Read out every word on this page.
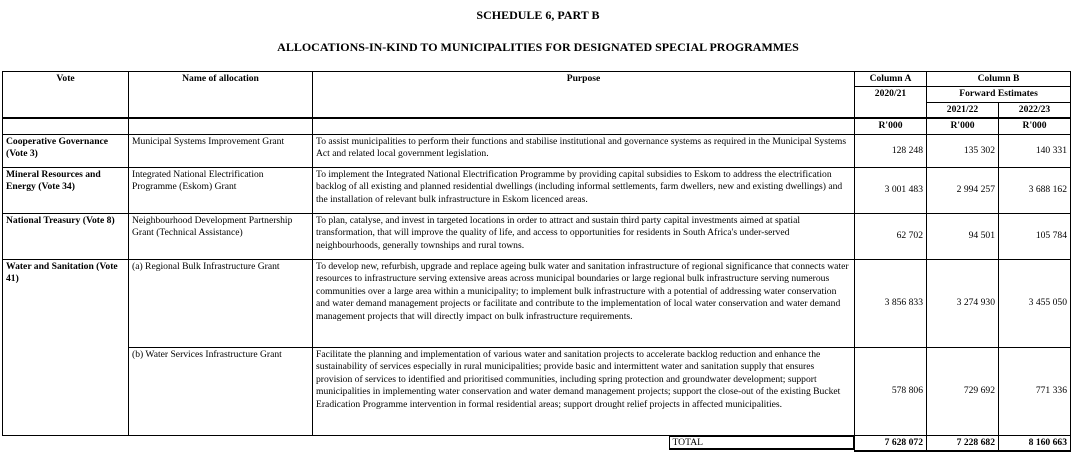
SCHEDULE 6, PART B
ALLOCATIONS-IN-KIND TO MUNICIPALITIES FOR DESIGNATED SPECIAL PROGRAMMES
Vote	Name of allocation	Purpose	Column A	Column B	
			2020/21	Forward Estimates	
				2021/22	2022/23
			R'000	R'000	R'000
Cooperative Governance (Vote 3)	Municipal Systems Improvement Grant	To assist municipalities to perform their functions and stabilise institutional and governance systems as required in the Municipal Systems Act and related local government legislation.	128 248	135 302	140 331
Mineral Resources and Energy (Vote 34)	Integrated National Electrification Programme (Eskom) Grant	To implement the Integrated National Electrification Programme by providing capital subsidies to Eskom to address the electrification backlog of all existing and planned residential dwellings (including informal settlements, farm dwellers, new and existing dwellings) and the installation of relevant bulk infrastructure in Eskom licenced areas.	3 001 483	2 994 257	3 688 162
National Treasury (Vote 8)	Neighbourhood Development Partnership Grant (Technical Assistance)	To plan, catalyse, and invest in targeted locations in order to attract and sustain third party capital investments aimed at spatial transformation, that will improve the quality of life, and access to opportunities for residents in South Africa's under-served neighbourhoods, generally townships and rural towns.	62 702	94 501	105 784
Water and Sanitation (Vote 41)	(a) Regional Bulk Infrastructure Grant	To develop new, refurbish, upgrade and replace ageing bulk water and sanitation infrastructure of regional significance that connects water resources to infrastructure serving extensive areas across municipal boundaries or large regional bulk infrastructure serving numerous communities over a large area within a municipality; to implement bulk infrastructure with a potential of addressing water conservation and water demand management projects or facilitate and contribute to the implementation of local water conservation and water demand management projects that will directly impact on bulk infrastructure requirements.	3 856 833	3 274 930	3 455 050
	(b) Water Services Infrastructure Grant	Facilitate the planning and implementation of various water and sanitation projects to accelerate backlog reduction and enhance the sustainability of services especially in rural municipalities; provide basic and intermittent water and sanitation supply that ensures provision of services to identified and prioritised communities, including spring protection and groundwater development; support municipalities in implementing water conservation and water demand management projects; support the close-out of the existing Bucket Eradication Programme intervention in formal residential areas; support drought relief projects in affected municipalities.	578 806	729 692	771 336

		TOTAL	7 628 072	7 228 682	8 160 663
